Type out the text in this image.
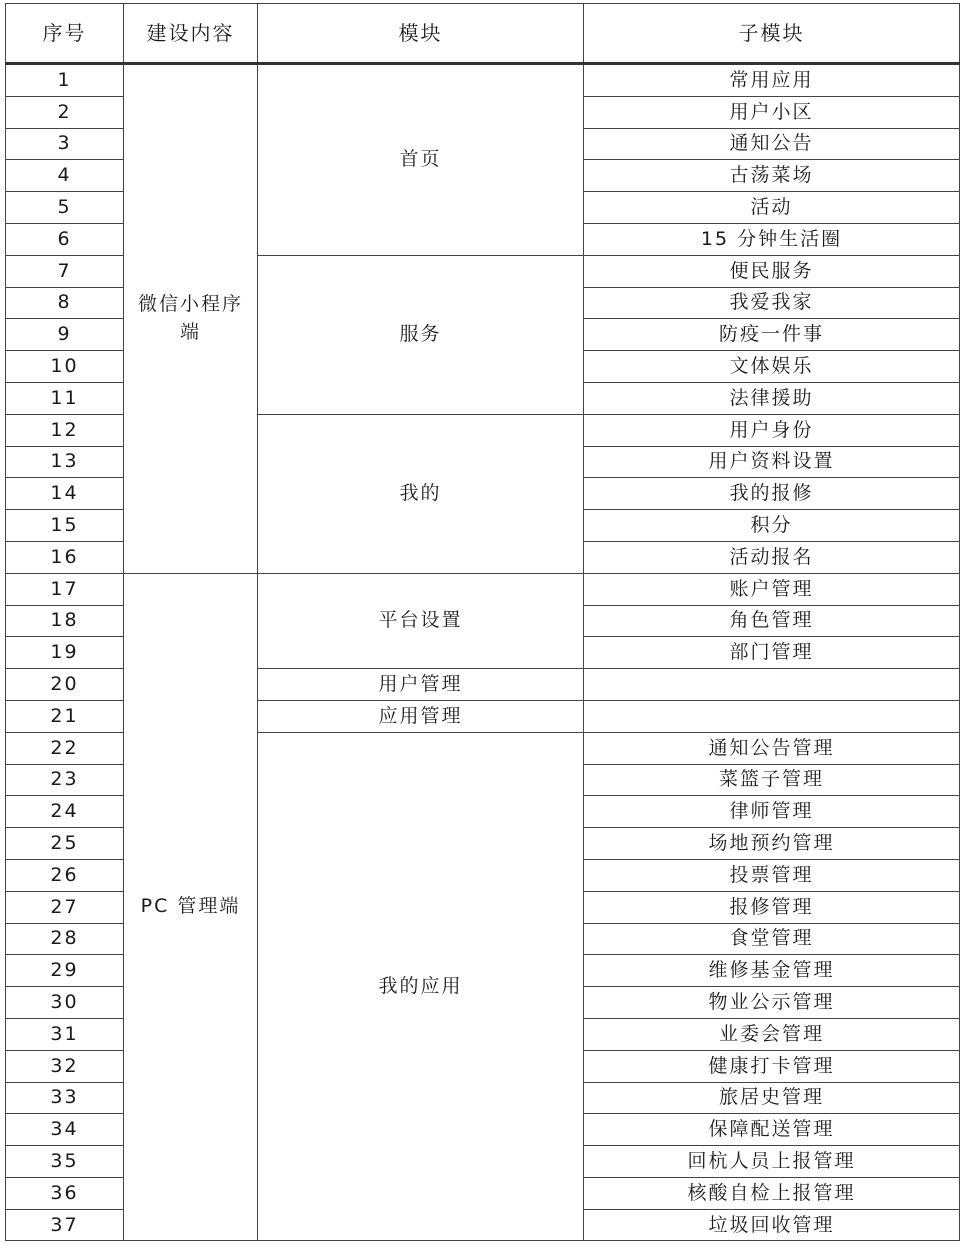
序号	建设内容	模块	子模块
1	微信小程序端	首页	常用应用
2			用户小区
3			通知公告
4			古荡菜场
5			活动
6			15 分钟生活圈
7		服务	便民服务
8			我爱我家
9			防疫一件事
10			文体娱乐
11			法律援助
12		我的	用户身份
13			用户资料设置
14			我的报修
15			积分
16			活动报名
17	PC 管理端	平台设置	账户管理
18			角色管理
19			部门管理
20		用户管理	
21		应用管理	
22		我的应用	通知公告管理
23			菜篮子管理
24			律师管理
25			场地预约管理
26			投票管理
27			报修管理
28			食堂管理
29			维修基金管理
30			物业公示管理
31			业委会管理
32			健康打卡管理
33			旅居史管理
34			保障配送管理
35			回杭人员上报管理
36			核酸自检上报管理
37			垃圾回收管理
